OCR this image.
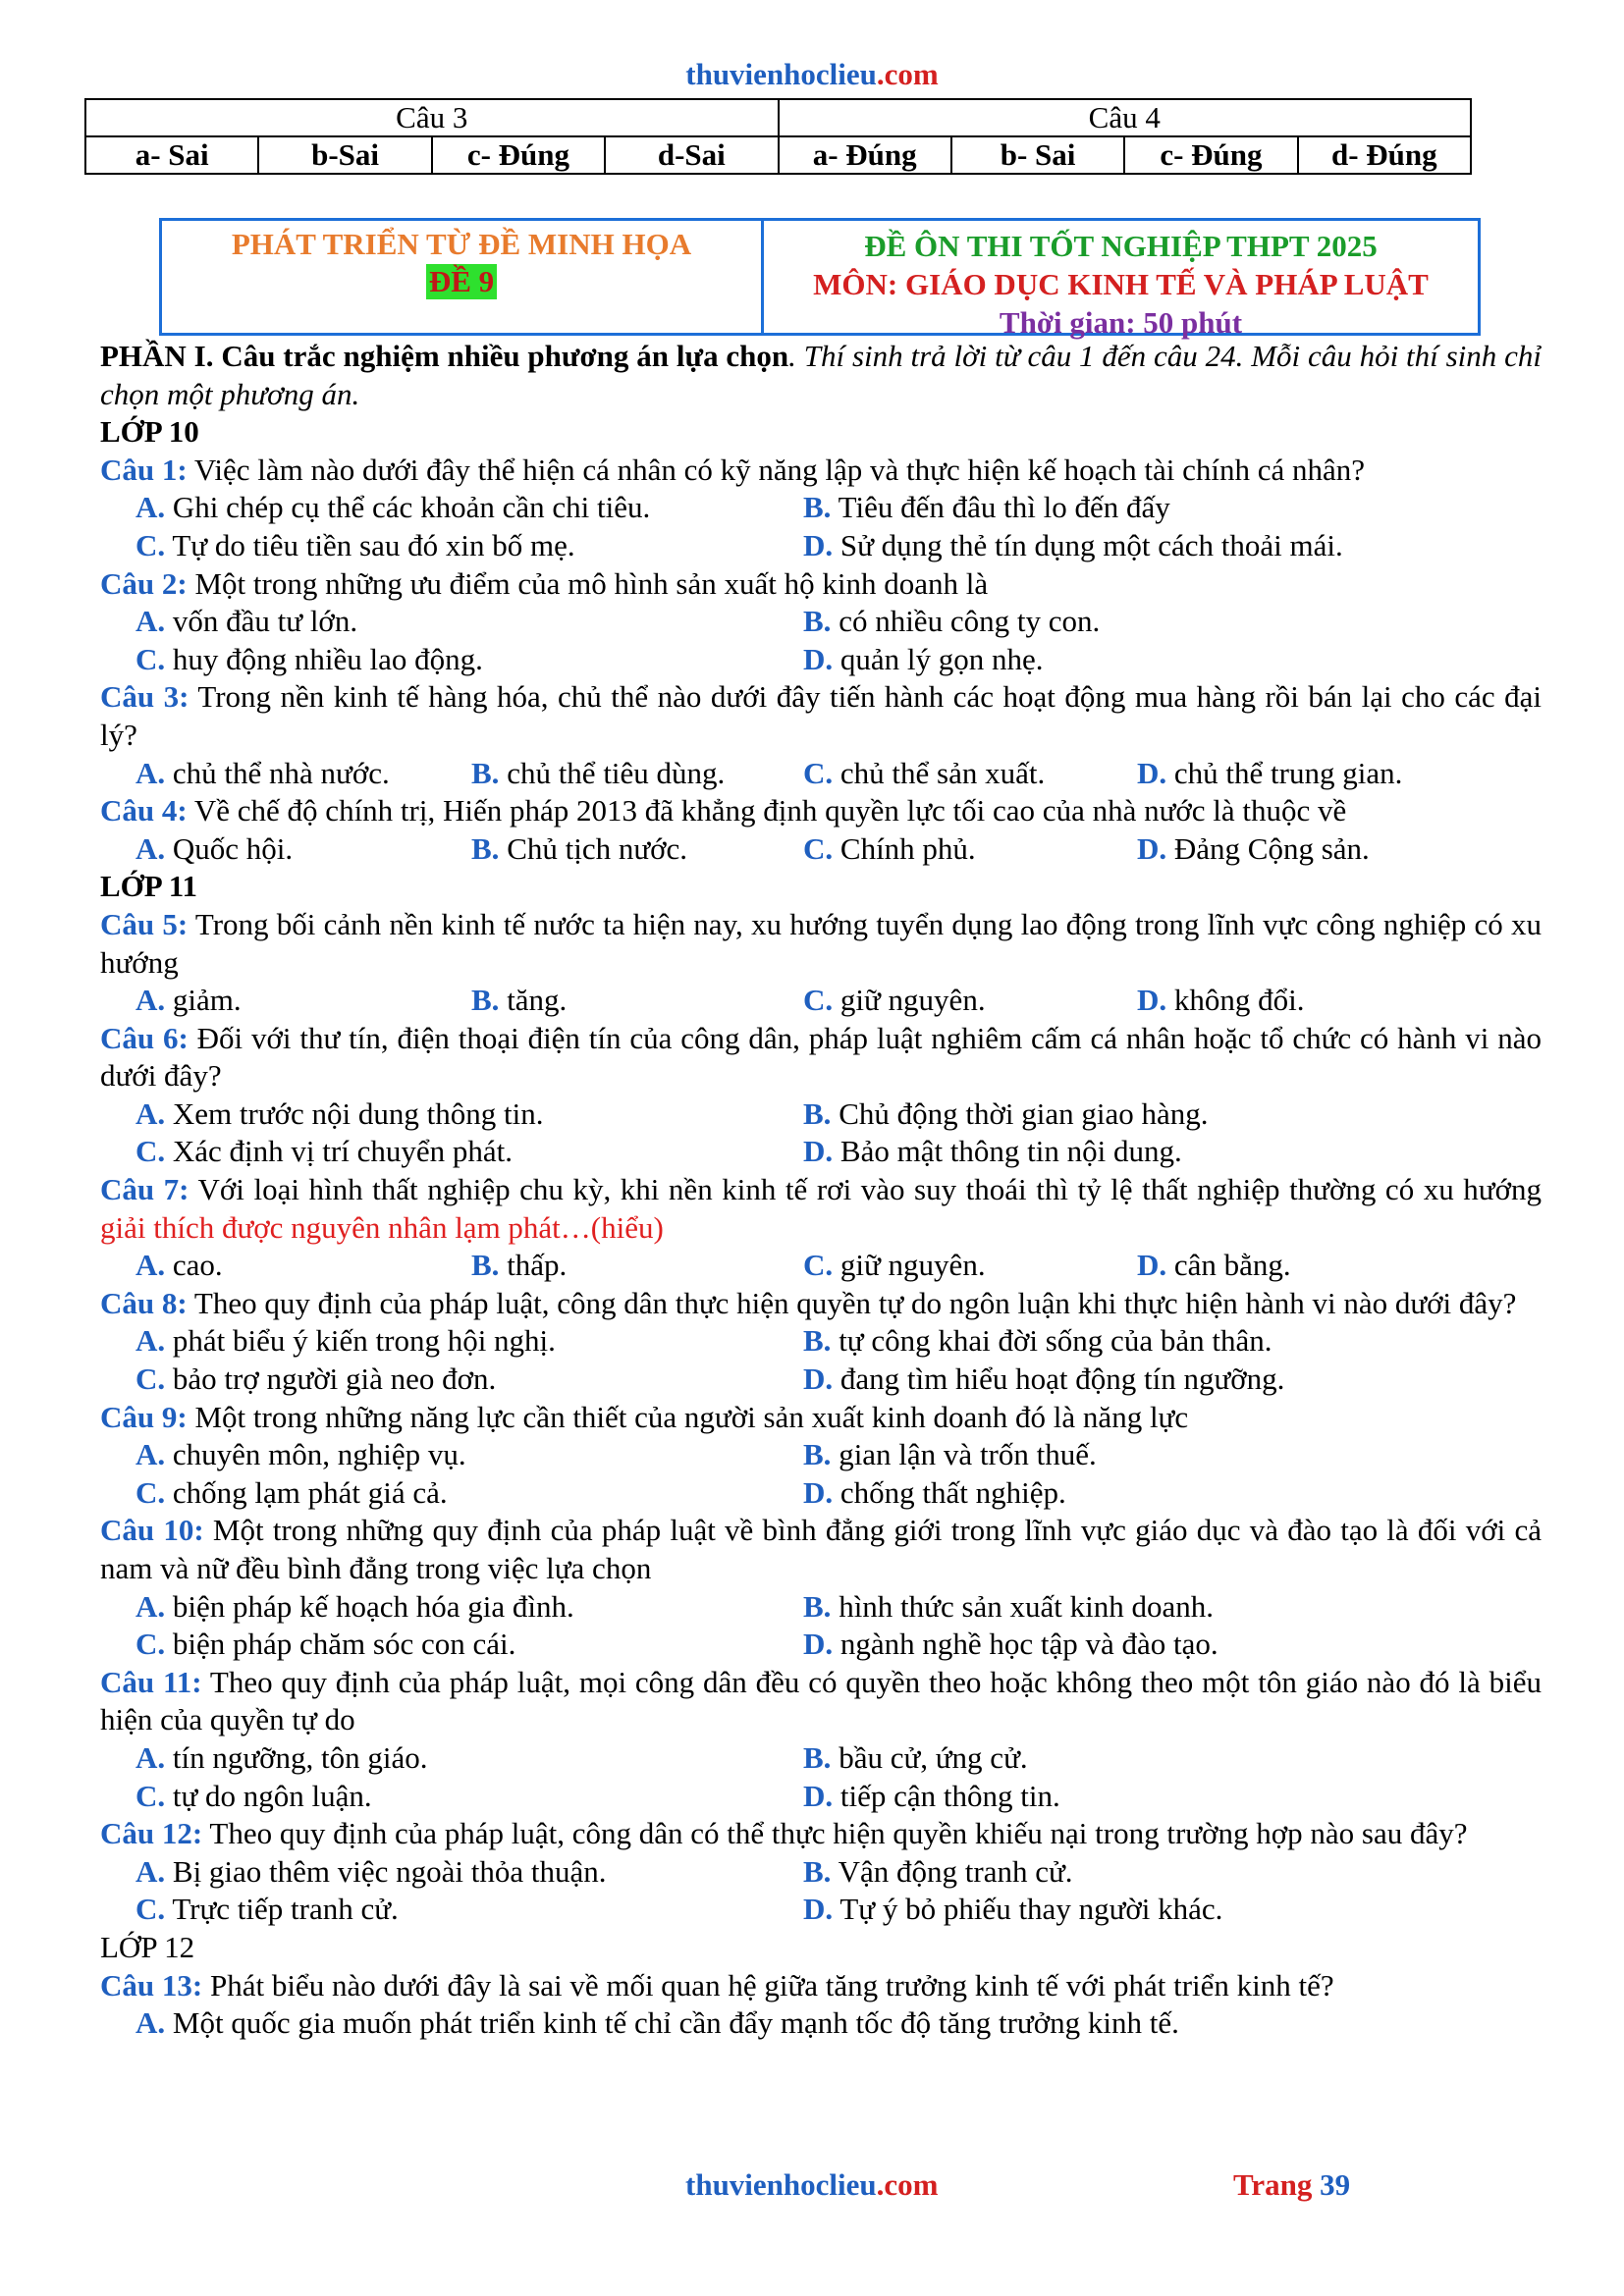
thuvienhoclieu.com
Câu 3				Câu 4			
a- Sai	b-Sai	c- Đúng	d-Sai	a- Đúng	b- Sai	c- Đúng	d- Đúng
PHÁT TRIỂN TỪ ĐỀ MINH HỌA
ĐỀ 9
ĐỀ ÔN THI TỐT NGHIỆP THPT 2025
MÔN: GIÁO DỤC KINH TẾ VÀ PHÁP LUẬT
Thời gian: 50 phút

PHẦN I. Câu trắc nghiệm nhiều phương án lựa chọn. Thí sinh trả lời từ câu 1 đến câu 24. Mỗi câu hỏi thí sinh chỉ chọn một phương án.

LỚP 10

Câu 1: Việc làm nào dưới đây thể hiện cá nhân có kỹ năng lập và thực hiện kế hoạch tài chính cá nhân?

A. Ghi chép cụ thể các khoản cần chi tiêu.	B. Tiêu đến đâu thì lo đến đấy
C. Tự do tiêu tiền sau đó xin bố mẹ.	D. Sử dụng thẻ tín dụng một cách thoải mái.

Câu 2: Một trong những ưu điểm của mô hình sản xuất hộ kinh doanh là

A. vốn đầu tư lớn.	B. có nhiều công ty con.
C. huy động nhiều lao động.	D. quản lý gọn nhẹ.

Câu 3: Trong nền kinh tế hàng hóa, chủ thể nào dưới đây tiến hành các hoạt động mua hàng rồi bán lại cho các đại lý?

A. chủ thể nhà nước.	B. chủ thể tiêu dùng.	C. chủ thể sản xuất.	D. chủ thể trung gian.

Câu 4: Về chế độ chính trị, Hiến pháp 2013 đã khẳng định quyền lực tối cao của nhà nước là thuộc về

A. Quốc hội.	B. Chủ tịch nước.	C. Chính phủ.	D. Đảng Cộng sản.

LỚP 11

Câu 5: Trong bối cảnh nền kinh tế nước ta hiện nay, xu hướng tuyển dụng lao động trong lĩnh vực công nghiệp có xu hướng

A. giảm.	B. tăng.	C. giữ nguyên.	D. không đổi.

Câu 6: Đối với thư tín, điện thoại điện tín của công dân, pháp luật nghiêm cấm cá nhân hoặc tổ chức có hành vi nào dưới đây?

A. Xem trước nội dung thông tin.	B. Chủ động thời gian giao hàng.
C. Xác định vị trí chuyển phát.	D. Bảo mật thông tin nội dung.

Câu 7: Với loại hình thất nghiệp chu kỳ, khi nền kinh tế rơi vào suy thoái thì tỷ lệ thất nghiệp thường có xu hướng giải thích được nguyên nhân lạm phát…(hiểu)

A. cao.	B. thấp.	C. giữ nguyên.	D. cân bằng.

Câu 8: Theo quy định của pháp luật, công dân thực hiện quyền tự do ngôn luận khi thực hiện hành vi nào dưới đây?

A. phát biểu ý kiến trong hội nghị.	B. tự công khai đời sống của bản thân.
C. bảo trợ người già neo đơn.	D. đang tìm hiểu hoạt động tín ngưỡng.

Câu 9: Một trong những năng lực cần thiết của người sản xuất kinh doanh đó là năng lực

A. chuyên môn, nghiệp vụ.	B. gian lận và trốn thuế.
C. chống lạm phát giá cả.	D. chống thất nghiệp.

Câu 10: Một trong những quy định của pháp luật về bình đẳng giới trong lĩnh vực giáo dục và đào tạo là đối với cả nam và nữ đều bình đẳng trong việc lựa chọn

A. biện pháp kế hoạch hóa gia đình.	B. hình thức sản xuất kinh doanh.
C. biện pháp chăm sóc con cái.	D. ngành nghề học tập và đào tạo.

Câu 11: Theo quy định của pháp luật, mọi công dân đều có quyền theo hoặc không theo một tôn giáo nào đó là biểu hiện của quyền tự do

A. tín ngưỡng, tôn giáo.	B. bầu cử, ứng cử.
C. tự do ngôn luận.	D. tiếp cận thông tin.

Câu 12: Theo quy định của pháp luật, công dân có thể thực hiện quyền khiếu nại trong trường hợp nào sau đây?

A. Bị giao thêm việc ngoài thỏa thuận.	B. Vận động tranh cử.
C. Trực tiếp tranh cử.	D. Tự ý bỏ phiếu thay người khác.

LỚP 12

Câu 13: Phát biểu nào dưới đây là sai về mối quan hệ giữa tăng trưởng kinh tế với phát triển kinh tế?

A. Một quốc gia muốn phát triển kinh tế chỉ cần đẩy mạnh tốc độ tăng trưởng kinh tế.
thuvienhoclieu.com	Trang 39
